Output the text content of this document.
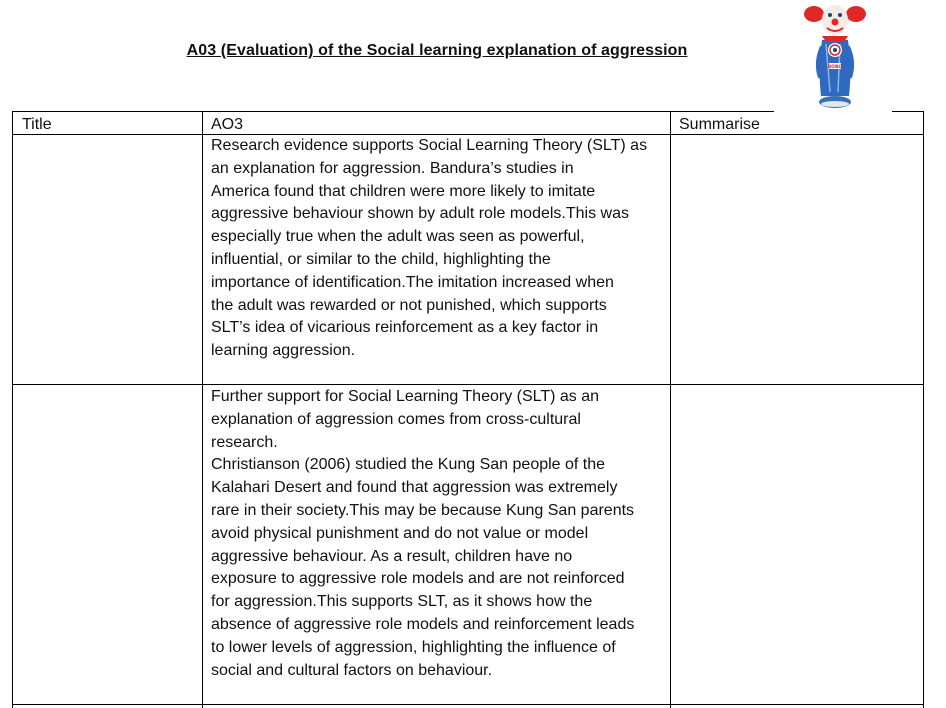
A03 (Evaluation) of the Social learning explanation of aggression
BOBO
Title	AO3	Summarise
Research evidence supports Social Learning Theory (SLT) as
an explanation for aggression. Bandura’s studies in
America found that children were more likely to imitate
aggressive behaviour shown by adult role models.This was
especially true when the adult was seen as powerful,
influential, or similar to the child, highlighting the
importance of identification.The imitation increased when
the adult was rewarded or not punished, which supports
SLT’s idea of vicarious reinforcement as a key factor in
learning aggression.
Further support for Social Learning Theory (SLT) as an
explanation of aggression comes from cross-cultural
research.
Christianson (2006) studied the Kung San people of the
Kalahari Desert and found that aggression was extremely
rare in their society.This may be because Kung San parents
avoid physical punishment and do not value or model
aggressive behaviour. As a result, children have no
exposure to aggressive role models and are not reinforced
for aggression.This supports SLT, as it shows how the
absence of aggressive role models and reinforcement leads
to lower levels of aggression, highlighting the influence of
social and cultural factors on behaviour.
